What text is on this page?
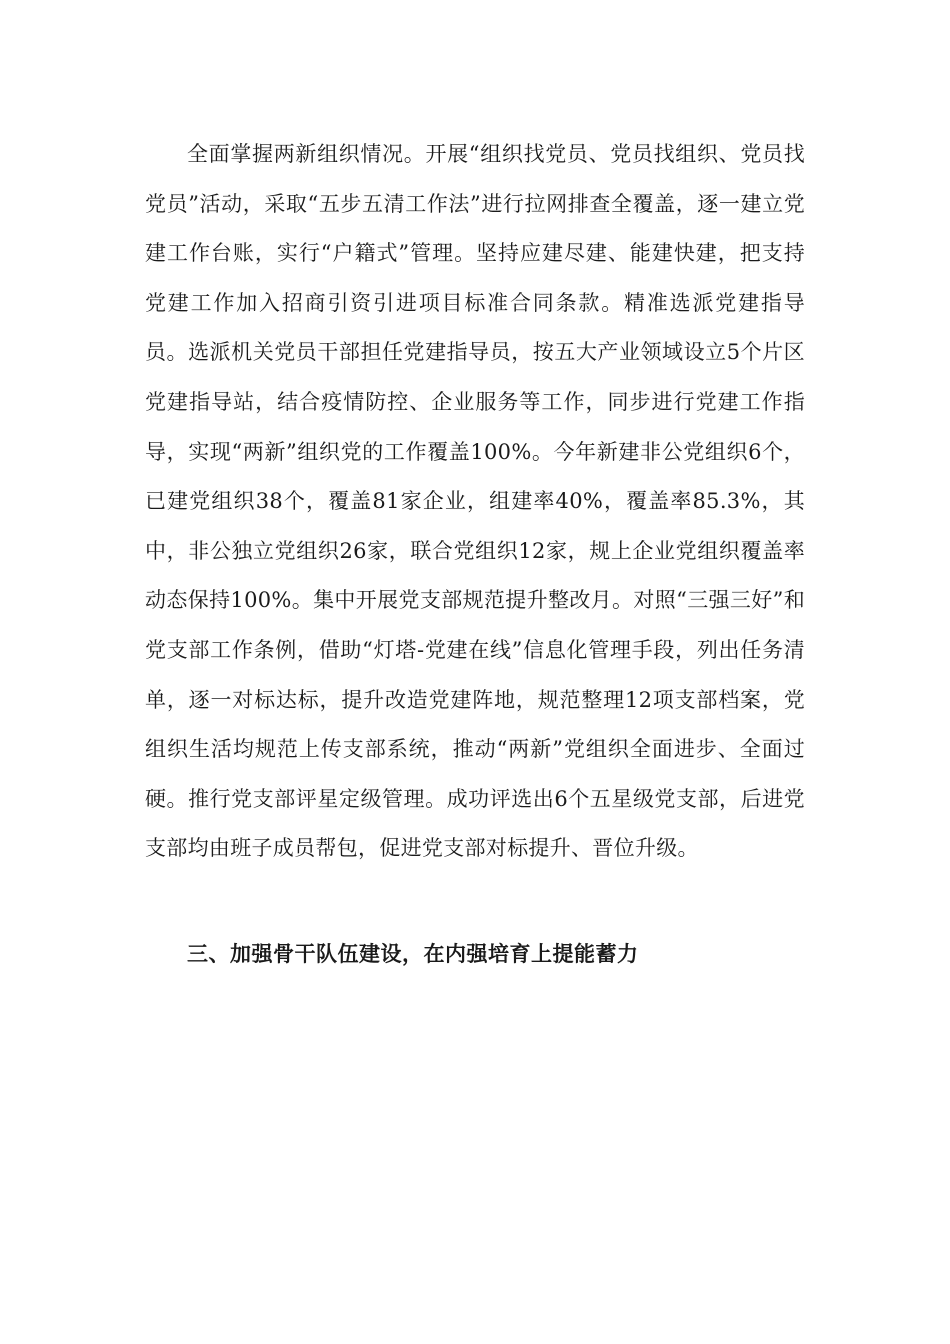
全面掌握两新组织情况。开展“组织找党员、党员找组织、党员找党员”活动，采取“五步五清工作法”进行拉网排查全覆盖，逐一建立党建工作台账，实行“户籍式”管理。坚持应建尽建、能建快建，把支持党建工作加入招商引资引进项目标准合同条款。精准选派党建指导员。选派机关党员干部担任党建指导员，按五大产业领域设立5个片区党建指导站，结合疫情防控、企业服务等工作，同步进行党建工作指导，实现“两新”组织党的工作覆盖100%。今年新建非公党组织6个，已建党组织38个，覆盖81家企业，组建率40%，覆盖率85.3%，其中，非公独立党组织26家，联合党组织12家，规上企业党组织覆盖率动态保持100%。集中开展党支部规范提升整改月。对照“三强三好”和党支部工作条例，借助“灯塔-党建在线”信息化管理手段，列出任务清单，逐一对标达标，提升改造党建阵地，规范整理12项支部档案，党组织生活均规范上传支部系统，推动“两新”党组织全面进步、全面过硬。推行党支部评星定级管理。成功评选出6个五星级党支部，后进党支部均由班子成员帮包，促进党支部对标提升、晋位升级。

三、加强骨干队伍建设，在内强培育上提能蓄力
